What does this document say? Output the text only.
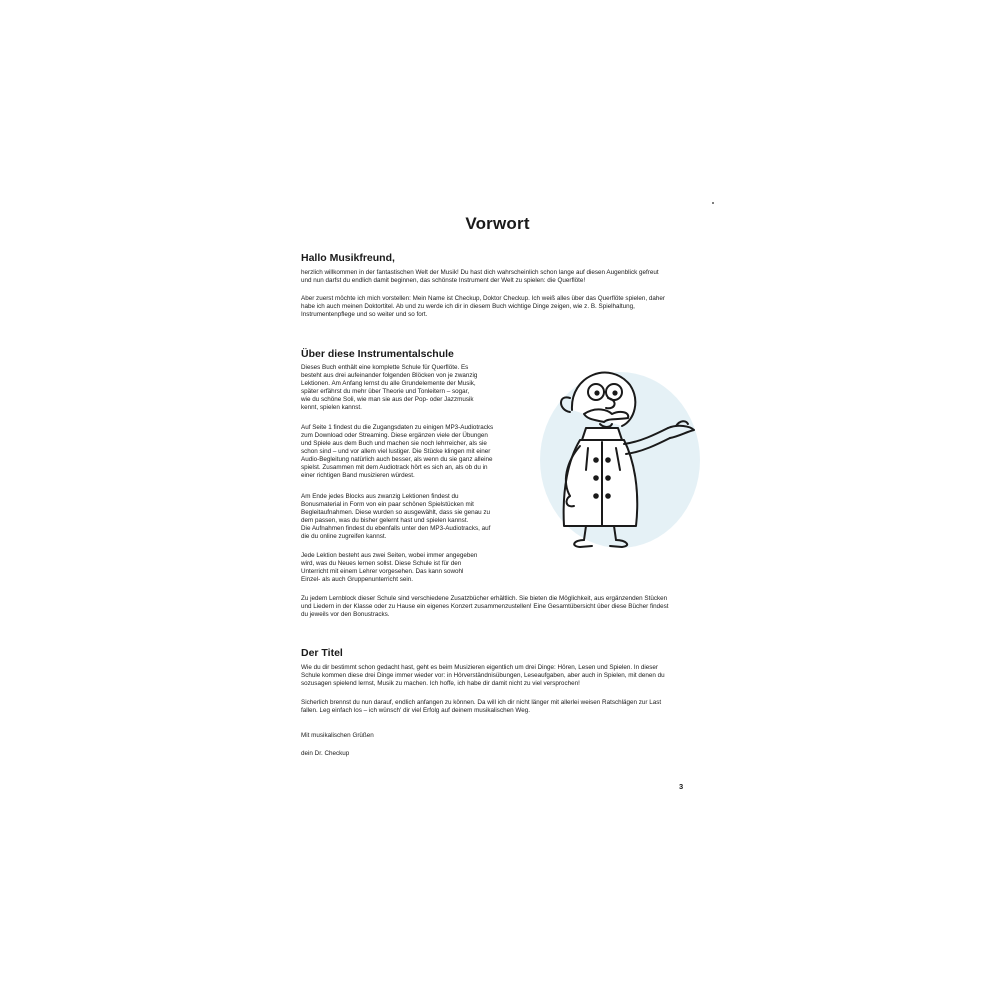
Vorwort
Hallo Musikfreund,

herzlich willkommen in der fantastischen Welt der Musik! Du hast dich wahrscheinlich schon lange auf diesen Augenblick gefreut
und nun darfst du endlich damit beginnen, das schönste Instrument der Welt zu spielen: die Querflöte!

Aber zuerst möchte ich mich vorstellen: Mein Name ist Checkup, Doktor Checkup. Ich weiß alles über das Querflöte spielen, daher
habe ich auch meinen Doktortitel. Ab und zu werde ich dir in diesem Buch wichtige Dinge zeigen, wie z. B. Spielhaltung,
Instrumentenpflege und so weiter und so fort.

Über diese Instrumentalschule

Dieses Buch enthält eine komplette Schule für Querflöte. Es
besteht aus drei aufeinander folgenden Blöcken von je zwanzig
Lektionen. Am Anfang lernst du alle Grundelemente der Musik,
später erfährst du mehr über Theorie und Tonleitern – sogar,
wie du schöne Soli, wie man sie aus der Pop- oder Jazzmusik
kennt, spielen kannst.

Auf Seite 1 findest du die Zugangsdaten zu einigen MP3-Audiotracks
zum Download oder Streaming. Diese ergänzen viele der Übungen
und Spiele aus dem Buch und machen sie noch lehrreicher, als sie
schon sind – und vor allem viel lustiger. Die Stücke klingen mit einer
Audio-Begleitung natürlich auch besser, als wenn du sie ganz alleine
spielst. Zusammen mit dem Audiotrack hört es sich an, als ob du in
einer richtigen Band musizieren würdest.

Am Ende jedes Blocks aus zwanzig Lektionen findest du
Bonusmaterial in Form von ein paar schönen Spielstücken mit
Begleitaufnahmen. Diese wurden so ausgewählt, dass sie genau zu
dem passen, was du bisher gelernt hast und spielen kannst.
Die Aufnahmen findest du ebenfalls unter den MP3-Audiotracks, auf
die du online zugreifen kannst.

Jede Lektion besteht aus zwei Seiten, wobei immer angegeben
wird, was du Neues lernen sollst. Diese Schule ist für den
Unterricht mit einem Lehrer vorgesehen. Das kann sowohl
Einzel- als auch Gruppenunterricht sein.

Zu jedem Lernblock dieser Schule sind verschiedene Zusatzbücher erhältlich. Sie bieten die Möglichkeit, aus ergänzenden Stücken
und Liedern in der Klasse oder zu Hause ein eigenes Konzert zusammenzustellen! Eine Gesamtübersicht über diese Bücher findest
du jeweils vor den Bonustracks.

Der Titel

Wie du dir bestimmt schon gedacht hast, geht es beim Musizieren eigentlich um drei Dinge: Hören, Lesen und Spielen. In dieser
Schule kommen diese drei Dinge immer wieder vor: in Hörverständnisübungen, Leseaufgaben, aber auch in Spielen, mit denen du
sozusagen spielend lernst, Musik zu machen. Ich hoffe, ich habe dir damit nicht zu viel versprochen!

Sicherlich brennst du nun darauf, endlich anfangen zu können. Da will ich dir nicht länger mit allerlei weisen Ratschlägen zur Last
fallen. Leg einfach los – ich wünsch' dir viel Erfolg auf deinem musikalischen Weg.

Mit musikalischen Grüßen

dein Dr. Checkup

3
